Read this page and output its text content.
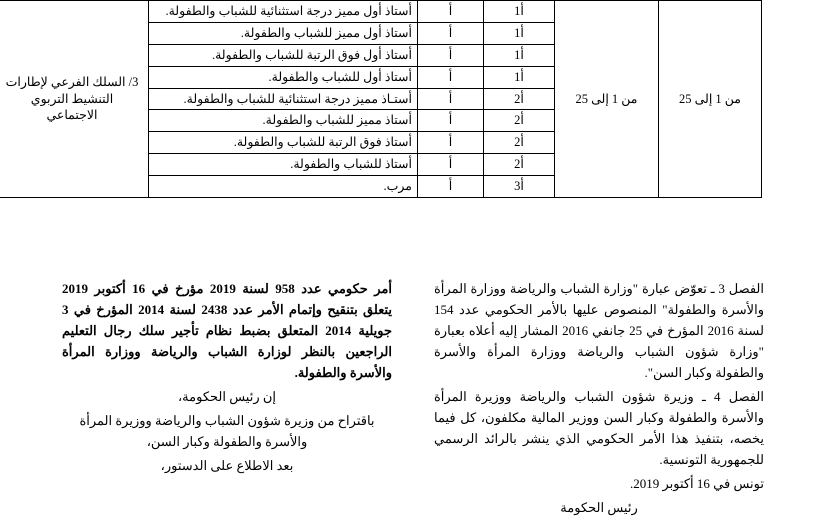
من 1 إلى 25	من 1 إلى 25	أ1	أ	أستاذ أول مميز درجة استثنائية للشباب والطفولة.	3/ السلك الفرعي لإطارات التنشيط التربوي الاجتماعي

		أ1	أ	أستاذ أول مميز للشباب والطفولة.	
		أ1	أ	أستاذ أول فوق الرتبة للشباب والطفولة.	
		أ1	أ	أستاذ أول للشباب والطفولة.	
		أ2	أ	أستـاذ مميز درجة استثنائية للشباب والطفولة.	
		أ2	أ	أستاذ مميز للشباب والطفولة.	
		أ2	أ	أستاذ فوق الرتبة للشباب والطفولة.	
		أ2	أ	أستاذ للشباب والطفولة.	
		أ3	أ	مرب.	

الفصل 3 ـ تعوّض عبارة "وزارة الشباب والرياضة ووزارة المرأة والأسرة والطفولة" المنصوص عليها بالأمر الحكومي عدد 154 لسنة 2016 المؤرخ في 25 جانفي 2016 المشار إليه أعلاه بعبارة "وزارة شؤون الشباب والرياضة ووزارة المرأة والأسرة والطفولة وكبار السن".

الفصل 4 ـ وزيرة شؤون الشباب والرياضة ووزيرة المرأة والأسرة والطفولة وكبار السن ووزير المالية مكلفون، كل فيما يخصه، بتنفيذ هذا الأمر الحكومي الذي ينشر بالرائد الرسمي للجمهورية التونسية.

تونس في 16 أكتوبر 2019.

رئيس الحكومة

أمر حكومي عدد 958 لسنة 2019 مؤرخ في 16 أكتوبر 2019 يتعلق بتنقيح وإتمام الأمر عدد 2438 لسنة 2014 المؤرخ في 3 جويلية 2014 المتعلق بضبط نظام تأجير سلك رجال التعليم الراجعين بالنظر لوزارة الشباب والرياضة ووزارة المرأة والأسرة والطفولة.

إن رئيس الحكومة،

باقتراح من وزيرة شؤون الشباب والرياضة ووزيرة المرأة والأسرة والطفولة وكبار السن،

بعد الاطلاع على الدستور،
